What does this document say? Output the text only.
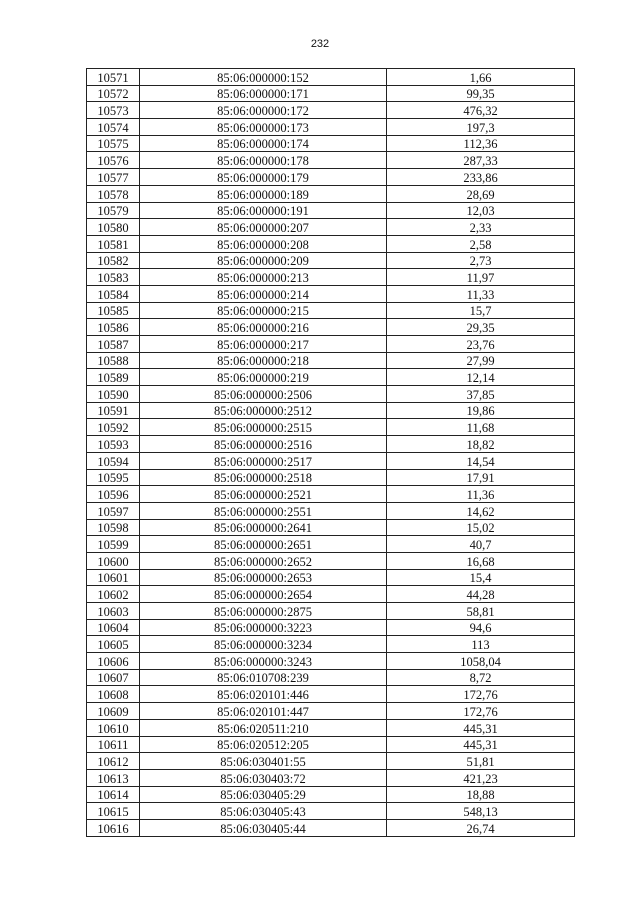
232
10571	85:06:000000:152	1,66
10572	85:06:000000:171	99,35
10573	85:06:000000:172	476,32
10574	85:06:000000:173	197,3
10575	85:06:000000:174	112,36
10576	85:06:000000:178	287,33
10577	85:06:000000:179	233,86
10578	85:06:000000:189	28,69
10579	85:06:000000:191	12,03
10580	85:06:000000:207	2,33
10581	85:06:000000:208	2,58
10582	85:06:000000:209	2,73
10583	85:06:000000:213	11,97
10584	85:06:000000:214	11,33
10585	85:06:000000:215	15,7
10586	85:06:000000:216	29,35
10587	85:06:000000:217	23,76
10588	85:06:000000:218	27,99
10589	85:06:000000:219	12,14
10590	85:06:000000:2506	37,85
10591	85:06:000000:2512	19,86
10592	85:06:000000:2515	11,68
10593	85:06:000000:2516	18,82
10594	85:06:000000:2517	14,54
10595	85:06:000000:2518	17,91
10596	85:06:000000:2521	11,36
10597	85:06:000000:2551	14,62
10598	85:06:000000:2641	15,02
10599	85:06:000000:2651	40,7
10600	85:06:000000:2652	16,68
10601	85:06:000000:2653	15,4
10602	85:06:000000:2654	44,28
10603	85:06:000000:2875	58,81
10604	85:06:000000:3223	94,6
10605	85:06:000000:3234	113
10606	85:06:000000:3243	1058,04
10607	85:06:010708:239	8,72
10608	85:06:020101:446	172,76
10609	85:06:020101:447	172,76
10610	85:06:020511:210	445,31
10611	85:06:020512:205	445,31
10612	85:06:030401:55	51,81
10613	85:06:030403:72	421,23
10614	85:06:030405:29	18,88
10615	85:06:030405:43	548,13
10616	85:06:030405:44	26,74
